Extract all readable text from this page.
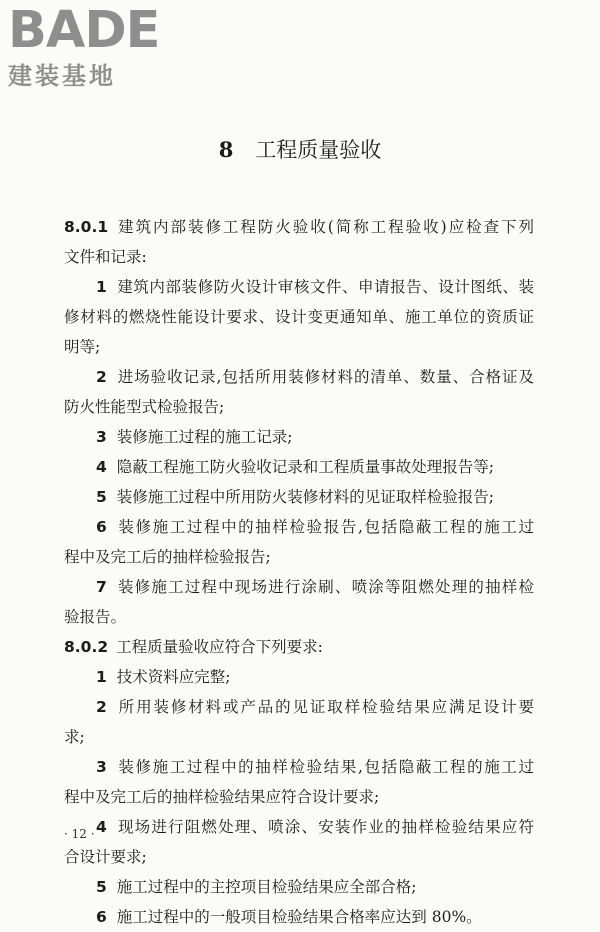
BADE
建装基地
8 工程质量验收
8.0.1 建筑内部装修工程防火验收(简称工程验收)应检查下列
文件和记录:
1 建筑内部装修防火设计审核文件、申请报告、设计图纸、装
修材料的燃烧性能设计要求、设计变更通知单、施工单位的资质证
明等;
2 进场验收记录,包括所用装修材料的清单、数量、合格证及
防火性能型式检验报告;
3 装修施工过程的施工记录;
4 隐蔽工程施工防火验收记录和工程质量事故处理报告等;
5 装修施工过程中所用防火装修材料的见证取样检验报告;
6 装修施工过程中的抽样检验报告,包括隐蔽工程的施工过
程中及完工后的抽样检验报告;
7 装修施工过程中现场进行涂刷、喷涂等阻燃处理的抽样检
验报告。
8.0.2 工程质量验收应符合下列要求:
1 技术资料应完整;
2 所用装修材料或产品的见证取样检验结果应满足设计要
求;
3 装修施工过程中的抽样检验结果,包括隐蔽工程的施工过
程中及完工后的抽样检验结果应符合设计要求;
4 现场进行阻燃处理、喷涂、安装作业的抽样检验结果应符
合设计要求;
5 施工过程中的主控项目检验结果应全部合格;
6 施工过程中的一般项目检验结果合格率应达到 80%。
· 12 ·
